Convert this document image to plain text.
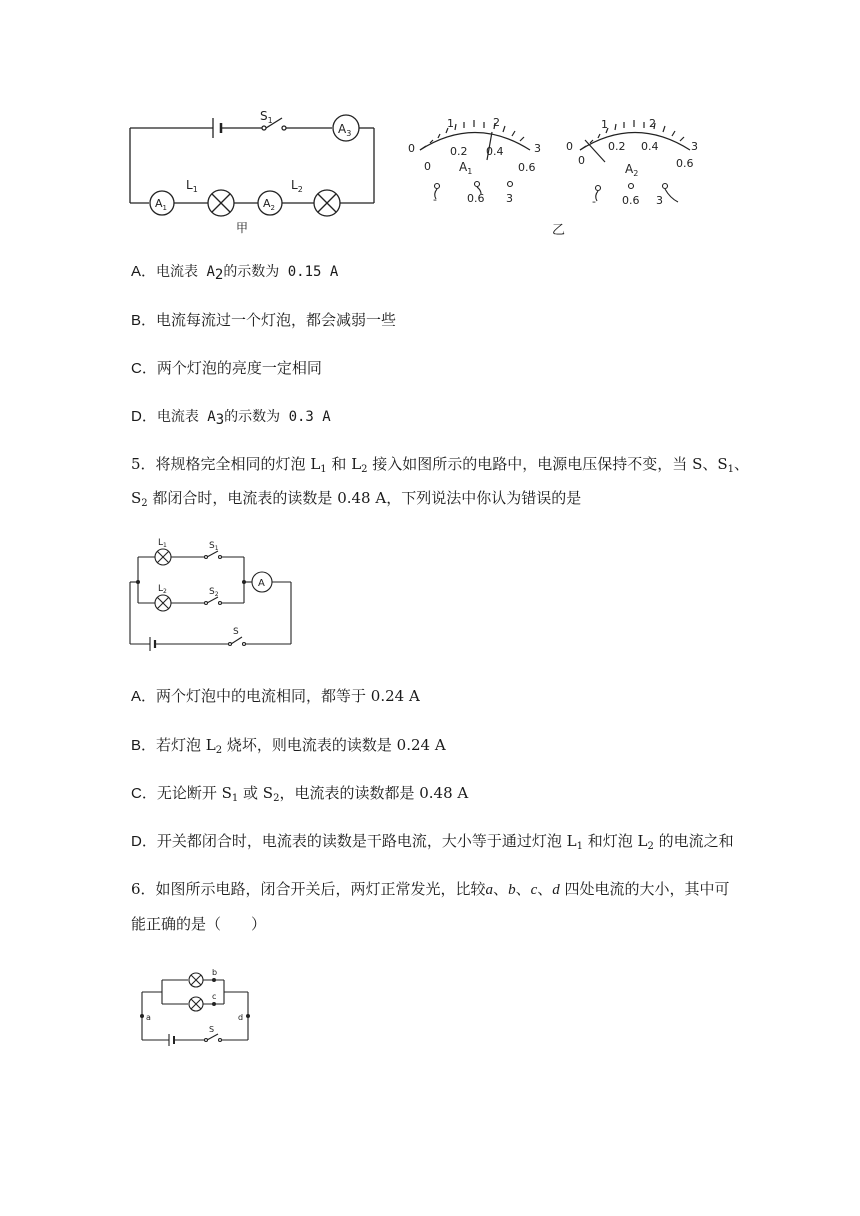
$S_1$
$A_3$
$A_1$	$A_2$
$L_1$	$L_2$
甲
0
1	2
3
0
0.2 0.4
0.6
$A_1$
-	0.6 3
0
1	2
3
0
0.2 0.4
0.6
$A_2$
- 0.6 3
乙
A．电流表 $A_2$的示数为 0.15 A
B．电流每流过一个灯泡，都会减弱一些
C．两个灯泡的亮度一定相同
D．电流表 $A_3$的示数为 0.3 A
5．将规格完全相同的灯泡 $L_1$ 和 $L_2$ 接入如图所示的电路中，电源电压保持不变，当 S、$S_1$、
$S_2$ 都闭合时，电流表的读数是 0.48 A，下列说法中你认为错误的是
$L_1$
$L_2$
$S_1$
$S_2$
A
S
A．两个灯泡中的电流相同，都等于 0.24 A
B．若灯泡 $L_2$ 烧坏，则电流表的读数是 0.24 A
C．无论断开 $S_1$ 或 $S_2$，电流表的读数都是 0.48 A
D．开关都闭合时，电流表的读数是干路电流，大小等于通过灯泡 $L_1$ 和灯泡 $L_2$ 的电流之和
6．如图所示电路，闭合开关后，两灯正常发光，比较a、b、c、d 四处电流的大小，其中可
能正确的是（　　）
a
b
c
d
S
